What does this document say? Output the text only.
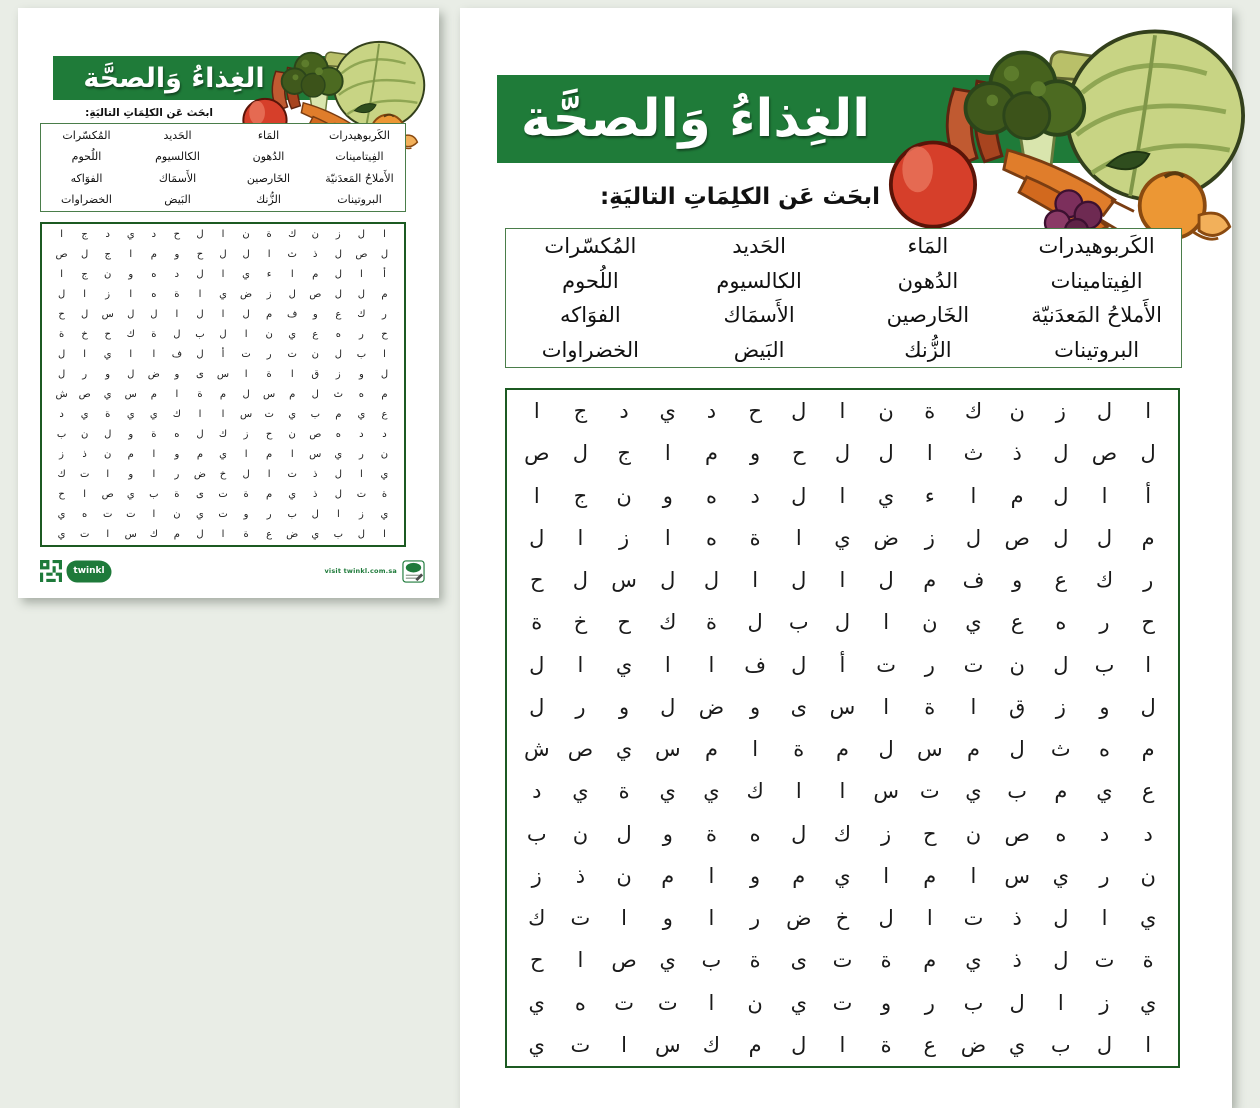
الغِذاءُ وَالصحَّة
ابحَث عَن الكلِمَاتِ التاليَةِ:
الكَربوهيدرات
المَاء
الحَديد
المُكسّرات
الفِيتامينات
الدُهون
الكالسيوم
اللُحوم
الأَملاحُ المَعدَنيّة
الخَارصين
الأَسمَاك
الفوَاكه
البروتينات
الزُّنك
البَيض
الخضراوات
ا
ل
ز
ن
ك
ة
ن
ا
ل
ح
د
ي
د
ج
ا
ل
ص
ل
ذ
ث
ا
ل
ل
ح
و
م
ا
ج
ل
ص
أ
ا
ل
م
ا
ء
ي
ا
ل
د
ه
و
ن
ج
ا
م
ل
ل
ص
ل
ز
ض
ي
ا
ة
ه
ا
ز
ا
ل
ر
ك
ع
و
ف
م
ل
ا
ل
ا
ل
ل
س
ل
ح
ح
ر
ه
ع
ي
ن
ا
ل
ب
ل
ة
ك
ح
خ
ة
ا
ب
ل
ن
ت
ر
ت
أ
ل
ف
ا
ا
ي
ا
ل
ل
و
ز
ق
ا
ة
ا
س
ى
و
ض
ل
و
ر
ل
م
ه
ث
ل
م
س
ل
م
ة
ا
م
س
ي
ص
ش
ع
ي
م
ب
ي
ت
س
ا
ا
ك
ي
ي
ة
ي
د
د
د
ه
ص
ن
ح
ز
ك
ل
ه
ة
و
ل
ن
ب
ن
ر
ي
س
ا
م
ا
ي
م
و
ا
م
ن
ذ
ز
ي
ا
ل
ذ
ت
ا
ل
خ
ض
ر
ا
و
ا
ت
ك
ة
ت
ل
ذ
ي
م
ة
ت
ى
ة
ب
ي
ص
ا
ح
ي
ز
ا
ل
ب
ر
و
ت
ي
ن
ا
ت
ت
ه
ي
ا
ل
ب
ي
ض
ع
ة
ا
ل
م
ك
س
ا
ت
ي
twinkl	visit twinkl.com.sa
الغِذاءُ وَالصحَّة
ابحَث عَن الكلِمَاتِ التاليَةِ:
الكَربوهيدرات
المَاء
الحَديد
المُكسّرات
الفِيتامينات
الدُهون
الكالسيوم
اللُحوم
الأَملاحُ المَعدَنيّة
الخَارصين
الأَسمَاك
الفوَاكه
البروتينات
الزُّنك
البَيض
الخضراوات
ا
ل
ز
ن
ك
ة
ن
ا
ل
ح
د
ي
د
ج
ا
ل
ص
ل
ذ
ث
ا
ل
ل
ح
و
م
ا
ج
ل
ص
أ
ا
ل
م
ا
ء
ي
ا
ل
د
ه
و
ن
ج
ا
م
ل
ل
ص
ل
ز
ض
ي
ا
ة
ه
ا
ز
ا
ل
ر
ك
ع
و
ف
م
ل
ا
ل
ا
ل
ل
س
ل
ح
ح
ر
ه
ع
ي
ن
ا
ل
ب
ل
ة
ك
ح
خ
ة
ا
ب
ل
ن
ت
ر
ت
أ
ل
ف
ا
ا
ي
ا
ل
ل
و
ز
ق
ا
ة
ا
س
ى
و
ض
ل
و
ر
ل
م
ه
ث
ل
م
س
ل
م
ة
ا
م
س
ي
ص
ش
ع
ي
م
ب
ي
ت
س
ا
ا
ك
ي
ي
ة
ي
د
د
د
ه
ص
ن
ح
ز
ك
ل
ه
ة
و
ل
ن
ب
ن
ر
ي
س
ا
م
ا
ي
م
و
ا
م
ن
ذ
ز
ي
ا
ل
ذ
ت
ا
ل
خ
ض
ر
ا
و
ا
ت
ك
ة
ت
ل
ذ
ي
م
ة
ت
ى
ة
ب
ي
ص
ا
ح
ي
ز
ا
ل
ب
ر
و
ت
ي
ن
ا
ت
ت
ه
ي
ا
ل
ب
ي
ض
ع
ة
ا
ل
م
ك
س
ا
ت
ي
